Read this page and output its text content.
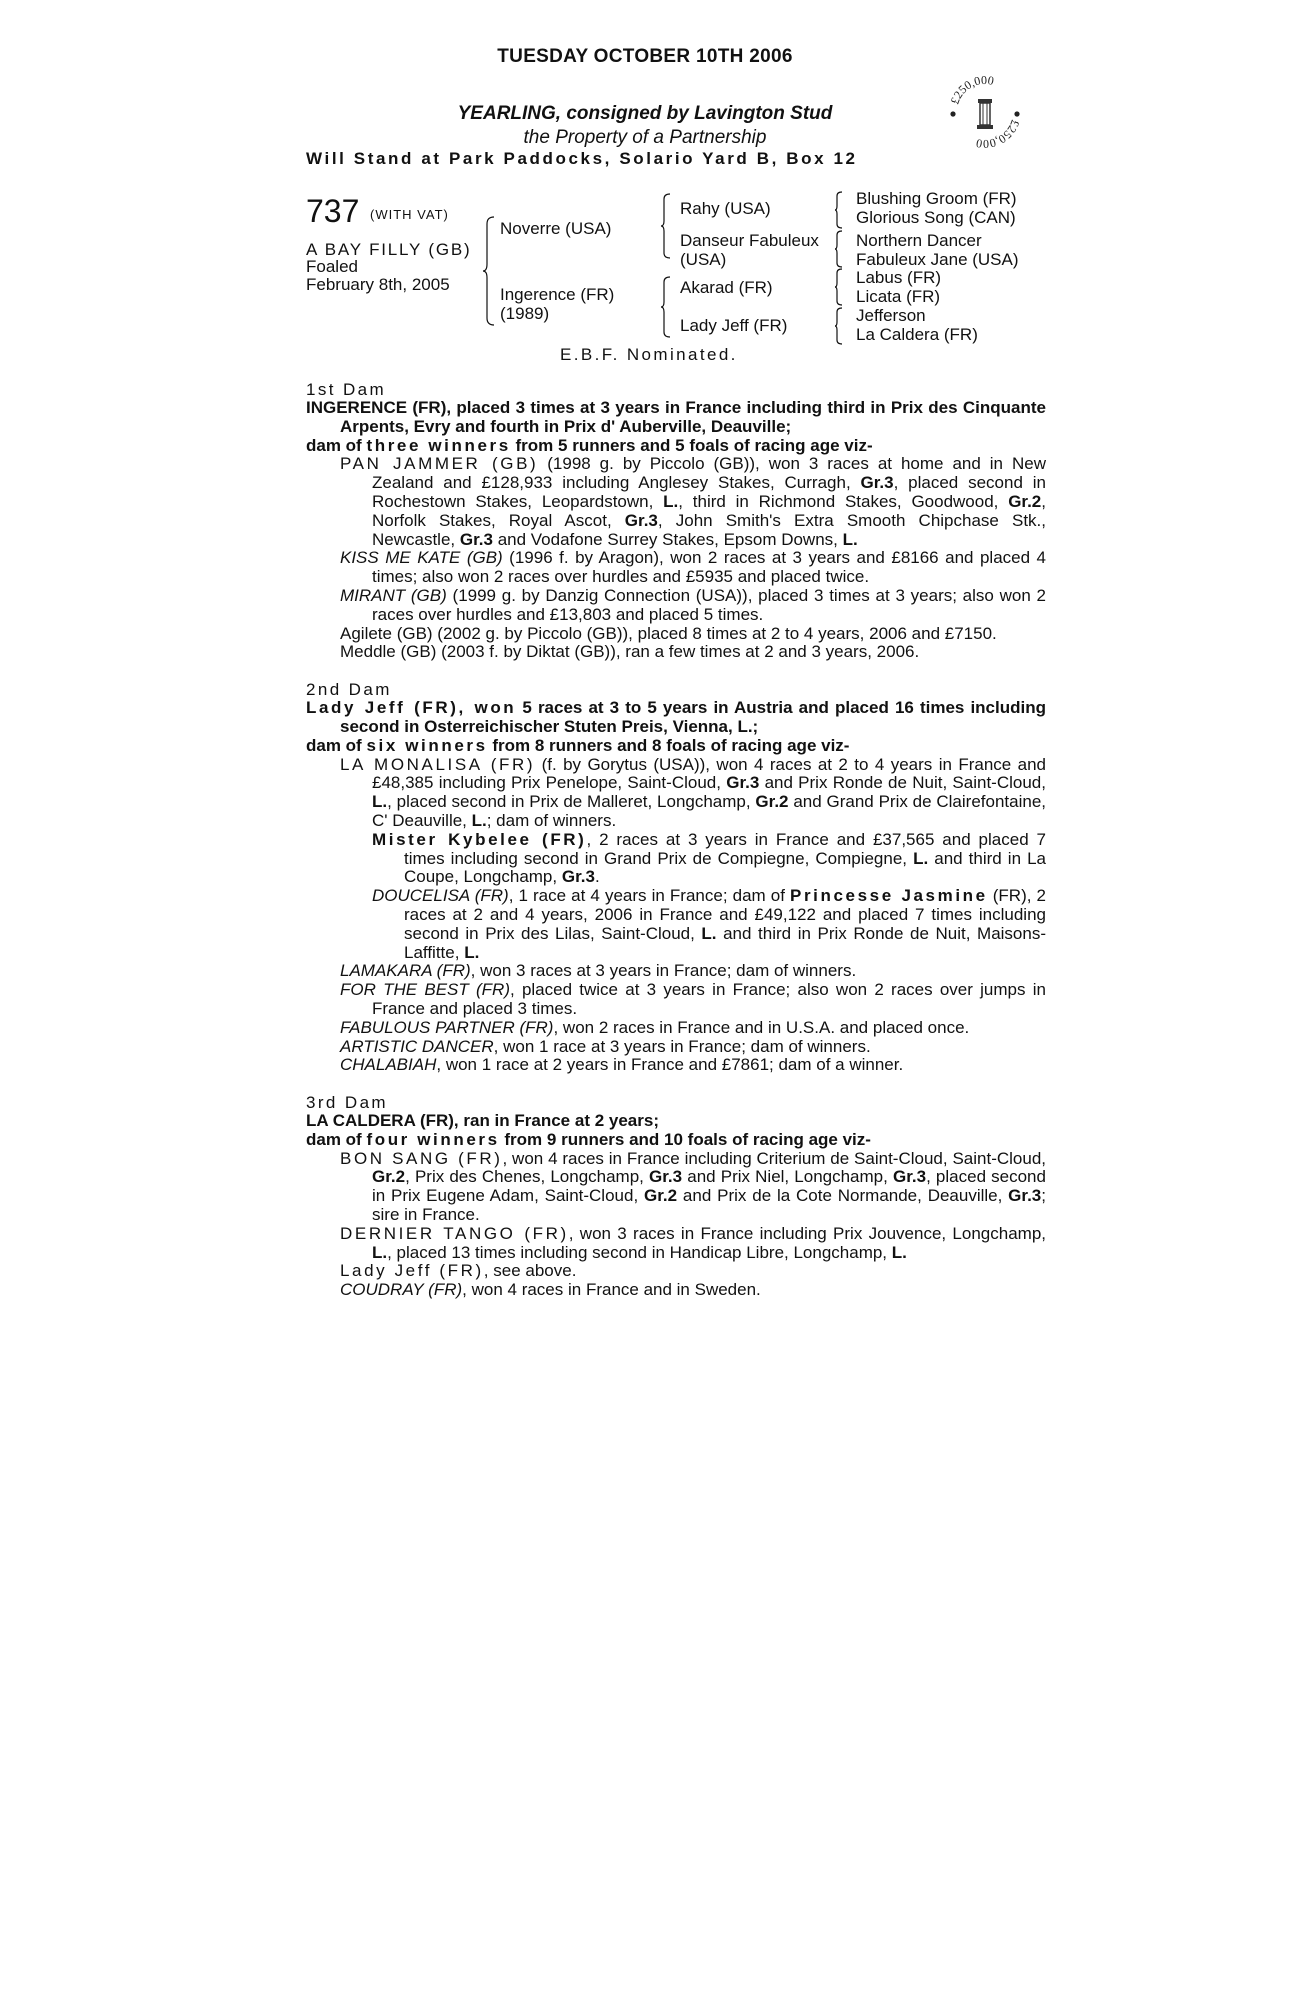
TUESDAY OCTOBER 10TH 2006
YEARLING, consigned by Lavington Stud
the Property of a Partnership
Will Stand at Park Paddocks, Solario Yard B, Box 12
£250,000
£250,000
737 (WITH VAT)
A BAY FILLY (GB)
Foaled
February 8th, 2005
Noverre (USA)
Ingerence (FR)
(1989)
Rahy (USA)
Danseur Fabuleux
(USA)
Akarad (FR)
Lady Jeff (FR)
Blushing Groom (FR)
Glorious Song (CAN)
Northern Dancer
Fabuleux Jane (USA)
Labus (FR)
Licata (FR)
Jefferson
La Caldera (FR)
E.B.F. Nominated.
1st Dam

INGERENCE (FR), placed 3 times at 3 years in France including third in Prix des Cinquante Arpents, Evry and fourth in Prix d' Auberville, Deauville;

dam of three winners from 5 runners and 5 foals of racing age viz-

PAN JAMMER (GB) (1998 g. by Piccolo (GB)), won 3 races at home and in New Zealand and £128,933 including Anglesey Stakes, Curragh, Gr.3, placed second in Rochestown Stakes, Leopardstown, L., third in Richmond Stakes, Goodwood, Gr.2, Norfolk Stakes, Royal Ascot, Gr.3, John Smith's Extra Smooth Chipchase Stk., Newcastle, Gr.3 and Vodafone Surrey Stakes, Epsom Downs, L.

KISS ME KATE (GB) (1996 f. by Aragon), won 2 races at 3 years and £8166 and placed 4 times; also won 2 races over hurdles and £5935 and placed twice.

MIRANT (GB) (1999 g. by Danzig Connection (USA)), placed 3 times at 3 years; also won 2 races over hurdles and £13,803 and placed 5 times.

Agilete (GB) (2002 g. by Piccolo (GB)), placed 8 times at 2 to 4 years, 2006 and £7150.

Meddle (GB) (2003 f. by Diktat (GB)), ran a few times at 2 and 3 years, 2006.

2nd Dam

Lady Jeff (FR), won 5 races at 3 to 5 years in Austria and placed 16 times including second in Osterreichischer Stuten Preis, Vienna, L.;

dam of six winners from 8 runners and 8 foals of racing age viz-

LA MONALISA (FR) (f. by Gorytus (USA)), won 4 races at 2 to 4 years in France and £48,385 including Prix Penelope, Saint-Cloud, Gr.3 and Prix Ronde de Nuit, Saint-Cloud, L., placed second in Prix de Malleret, Longchamp, Gr.2 and Grand Prix de Clairefontaine, C' Deauville, L.; dam of winners.

Mister Kybelee (FR), 2 races at 3 years in France and £37,565 and placed 7 times including second in Grand Prix de Compiegne, Compiegne, L. and third in La Coupe, Longchamp, Gr.3.

DOUCELISA (FR), 1 race at 4 years in France; dam of Princesse Jasmine (FR), 2 races at 2 and 4 years, 2006 in France and £49,122 and placed 7 times including second in Prix des Lilas, Saint-Cloud, L. and third in Prix Ronde de Nuit, Maisons-Laffitte, L.

LAMAKARA (FR), won 3 races at 3 years in France; dam of winners.

FOR THE BEST (FR), placed twice at 3 years in France; also won 2 races over jumps in France and placed 3 times.

FABULOUS PARTNER (FR), won 2 races in France and in U.S.A. and placed once.

ARTISTIC DANCER, won 1 race at 3 years in France; dam of winners.

CHALABIAH, won 1 race at 2 years in France and £7861; dam of a winner.

3rd Dam

LA CALDERA (FR), ran in France at 2 years;

dam of four winners from 9 runners and 10 foals of racing age viz-

BON SANG (FR), won 4 races in France including Criterium de Saint-Cloud, Saint-Cloud, Gr.2, Prix des Chenes, Longchamp, Gr.3 and Prix Niel, Longchamp, Gr.3, placed second in Prix Eugene Adam, Saint-Cloud, Gr.2 and Prix de la Cote Normande, Deauville, Gr.3; sire in France.

DERNIER TANGO (FR), won 3 races in France including Prix Jouvence, Longchamp, L., placed 13 times including second in Handicap Libre, Longchamp, L.

Lady Jeff (FR), see above.

COUDRAY (FR), won 4 races in France and in Sweden.
